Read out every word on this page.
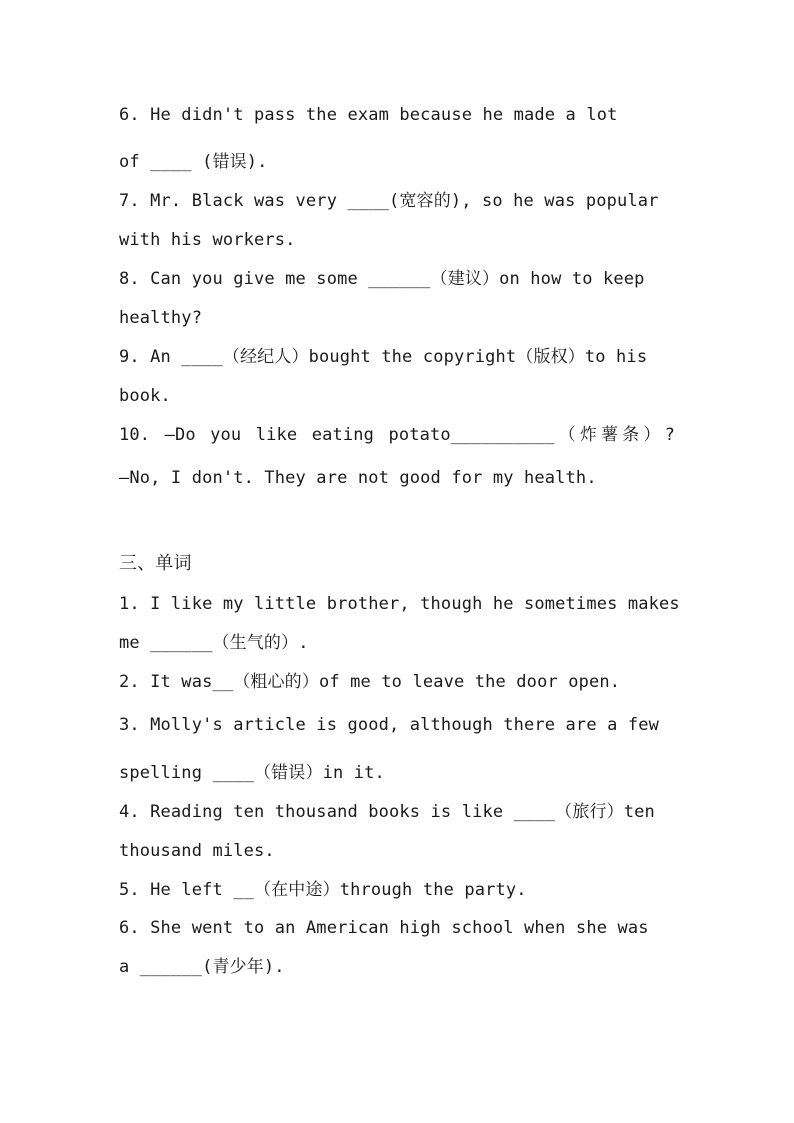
6. He didn't pass the exam because he made a lot
of ____ (错误).
7. Mr. Black was very ____(宽容的), so he was popular
with his workers.
8. Can you give me some ______（建议）on how to keep
healthy?
9. An ____（经纪人）bought the copyright（版权）to his
book.
10. —Do you like eating potato__________（炸薯条）?
—No, I don't. They are not good for my health.
三、单词
1. I like my little brother, though he sometimes makes
me ______（生气的）.
2. It was__（粗心的）of me to leave the door open.
3. Molly's article is good, although there are a few
spelling ____（错误）in it.
4. Reading ten thousand books is like ____（旅行）ten
thousand miles.
5. He left __（在中途）through the party.
6. She went to an American high school when she was
a ______(青少年).
